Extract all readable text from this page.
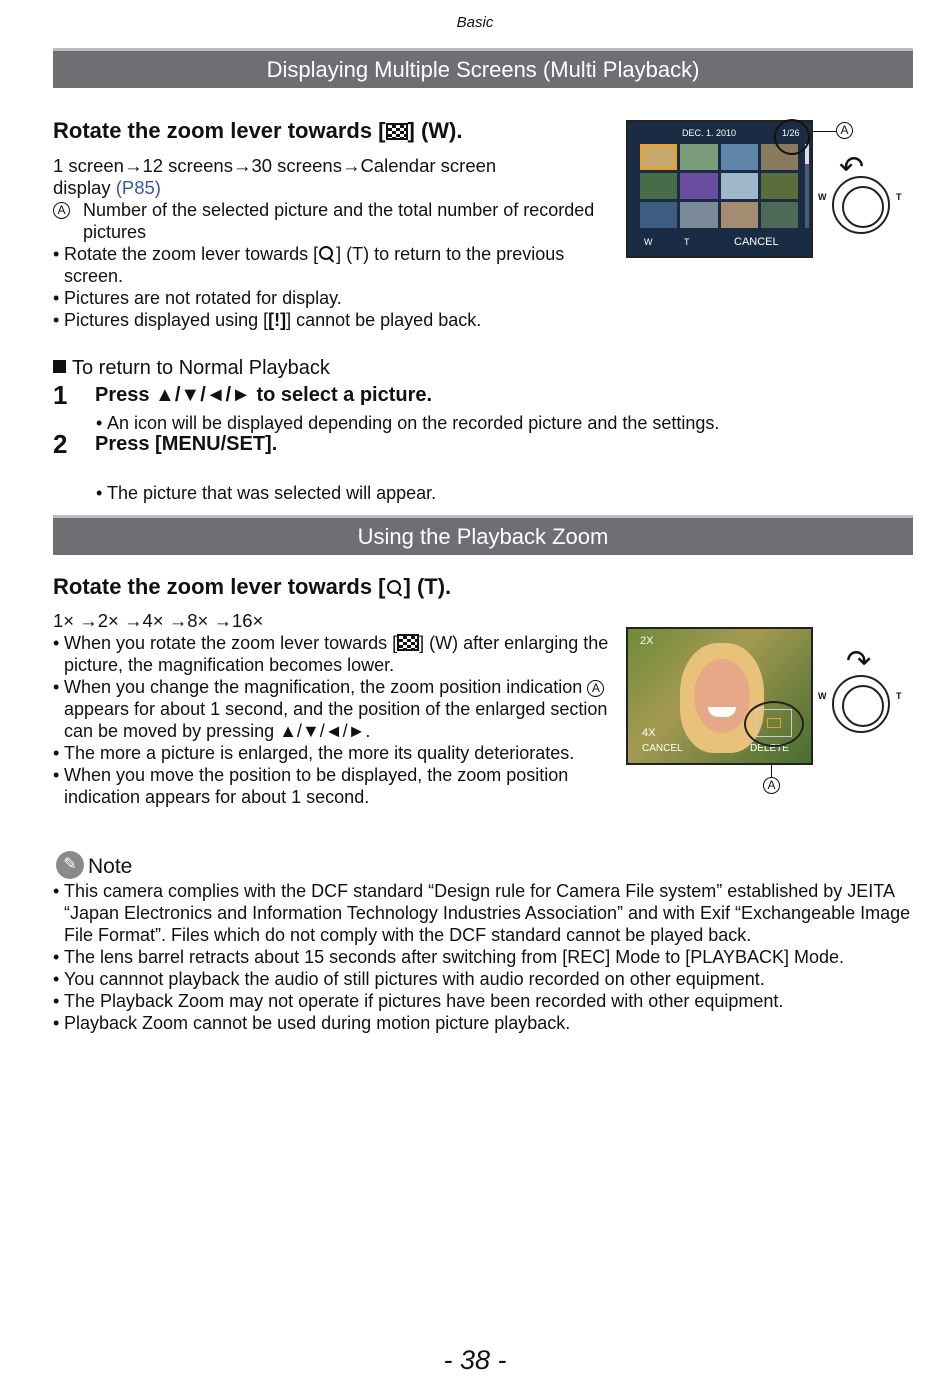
Basic
Displaying Multiple Screens (Multi Playback)
Rotate the zoom lever towards [ ] (W).
1 screen→12 screens→30 screens→Calendar screen
display (P85)
A Number of the selected picture and the total number of recorded pictures
• Rotate the zoom lever towards [ ] (T) to return to the previous screen.
• Pictures are not rotated for display.
• Pictures displayed using [[!]] cannot be played back.
DEC. 1. 2010	1/26
W	T	CANCEL
A
↶
W	T
To return to Normal Playback
1 Press ▲/▼/◄/► to select a picture.
• An icon will be displayed depending on the recorded picture and the settings.
2 Press [MENU/SET].
• The picture that was selected will appear.
Using the Playback Zoom
Rotate the zoom lever towards [ ] (T).
1× →2× →4× →8× →16×
• When you rotate the zoom lever towards [ ] (W) after enlarging the picture, the magnification becomes lower.
• When you change the magnification, the zoom position indication A appears for about 1 second, and the position of the enlarged section can be moved by pressing ▲/▼/◄/►.
• The more a picture is enlarged, the more its quality deteriorates.
• When you move the position to be displayed, the zoom position indication appears for about 1 second.
2X
4X
CANCEL	DELETE
A
↷
W	T
✎ Note
• This camera complies with the DCF standard “Design rule for Camera File system” established by JEITA “Japan Electronics and Information Technology Industries Association” and with Exif “Exchangeable Image File Format”. Files which do not comply with the DCF standard cannot be played back.
• The lens barrel retracts about 15 seconds after switching from [REC] Mode to [PLAYBACK] Mode.
• You cannnot playback the audio of still pictures with audio recorded on other equipment.
• The Playback Zoom may not operate if pictures have been recorded with other equipment.
• Playback Zoom cannot be used during motion picture playback.
- 38 -
